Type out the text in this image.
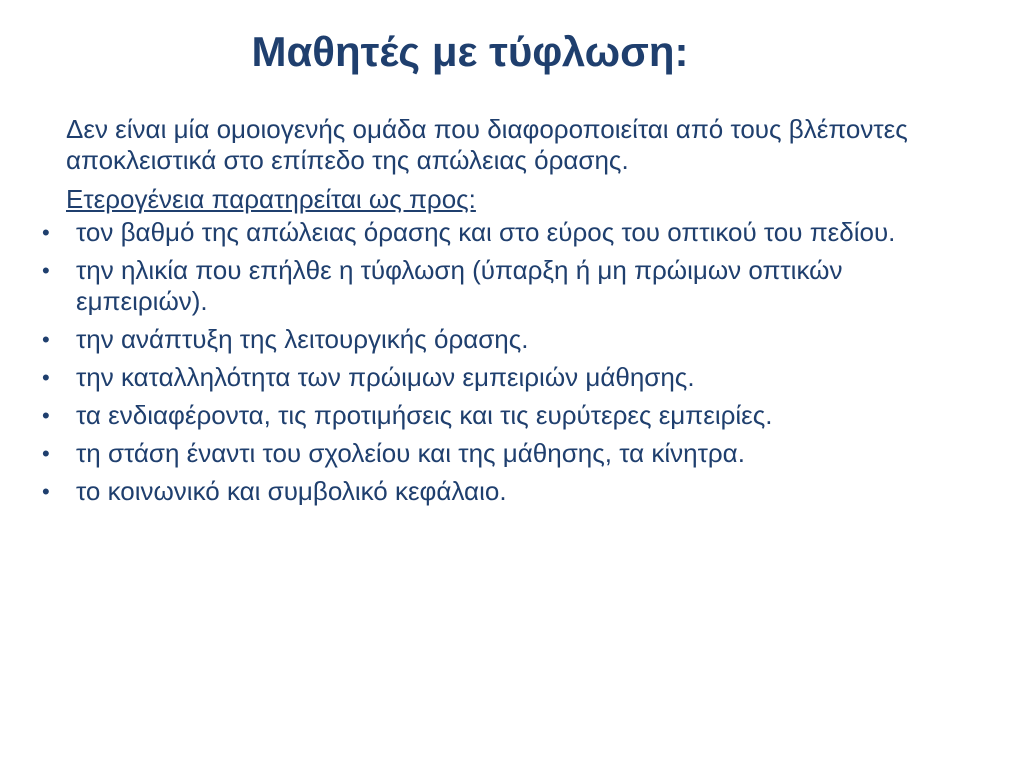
Μαθητές με τύφλωση:

Δεν είναι μία ομοιογενής ομάδα που διαφοροποιείται από τους βλέποντες αποκλειστικά στο επίπεδο της απώλειας όρασης.

Ετερογένεια παρατηρείται ως προς:

• τον βαθμό της απώλειας όρασης και στο εύρος του οπτικού του πεδίου.
• την ηλικία που επήλθε η τύφλωση (ύπαρξη ή μη πρώιμων οπτικών εμπειριών).
• την ανάπτυξη της λειτουργικής όρασης.
• την καταλληλότητα των πρώιμων εμπειριών μάθησης.
• τα ενδιαφέροντα, τις προτιμήσεις και τις ευρύτερες εμπειρίες.
• τη στάση έναντι του σχολείου και της μάθησης, τα κίνητρα.
• το κοινωνικό και συμβολικό κεφάλαιο.
